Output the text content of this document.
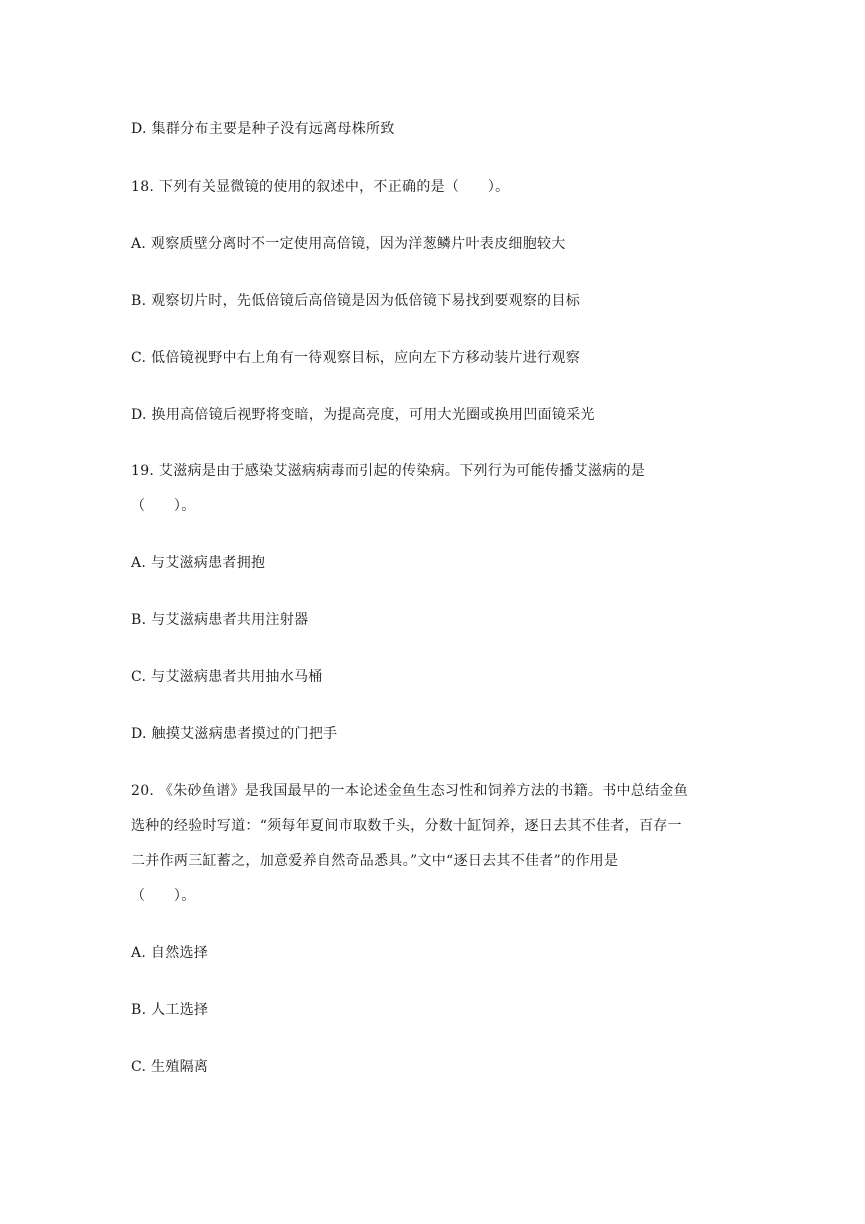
D. 集群分布主要是种子没有远离母株所致
18. 下列有关显微镜的使用的叙述中，不正确的是（　　）。
A. 观察质壁分离时不一定使用高倍镜，因为洋葱鳞片叶表皮细胞较大
B. 观察切片时，先低倍镜后高倍镜是因为低倍镜下易找到要观察的目标
C. 低倍镜视野中右上角有一待观察目标，应向左下方移动装片进行观察
D. 换用高倍镜后视野将变暗，为提高亮度，可用大光圈或换用凹面镜采光
19. 艾滋病是由于感染艾滋病病毒而引起的传染病。下列行为可能传播艾滋病的是
（　　）。
A. 与艾滋病患者拥抱
B. 与艾滋病患者共用注射器
C. 与艾滋病患者共用抽水马桶
D. 触摸艾滋病患者摸过的门把手
20. 《朱砂鱼谱》是我国最早的一本论述金鱼生态习性和饲养方法的书籍。书中总结金鱼
选种的经验时写道：“须每年夏间市取数千头，分数十缸饲养，逐日去其不佳者，百存一
二并作两三缸蓄之，加意爱养自然奇品悉具。”文中“逐日去其不佳者”的作用是
（　　）。
A. 自然选择
B. 人工选择
C. 生殖隔离
